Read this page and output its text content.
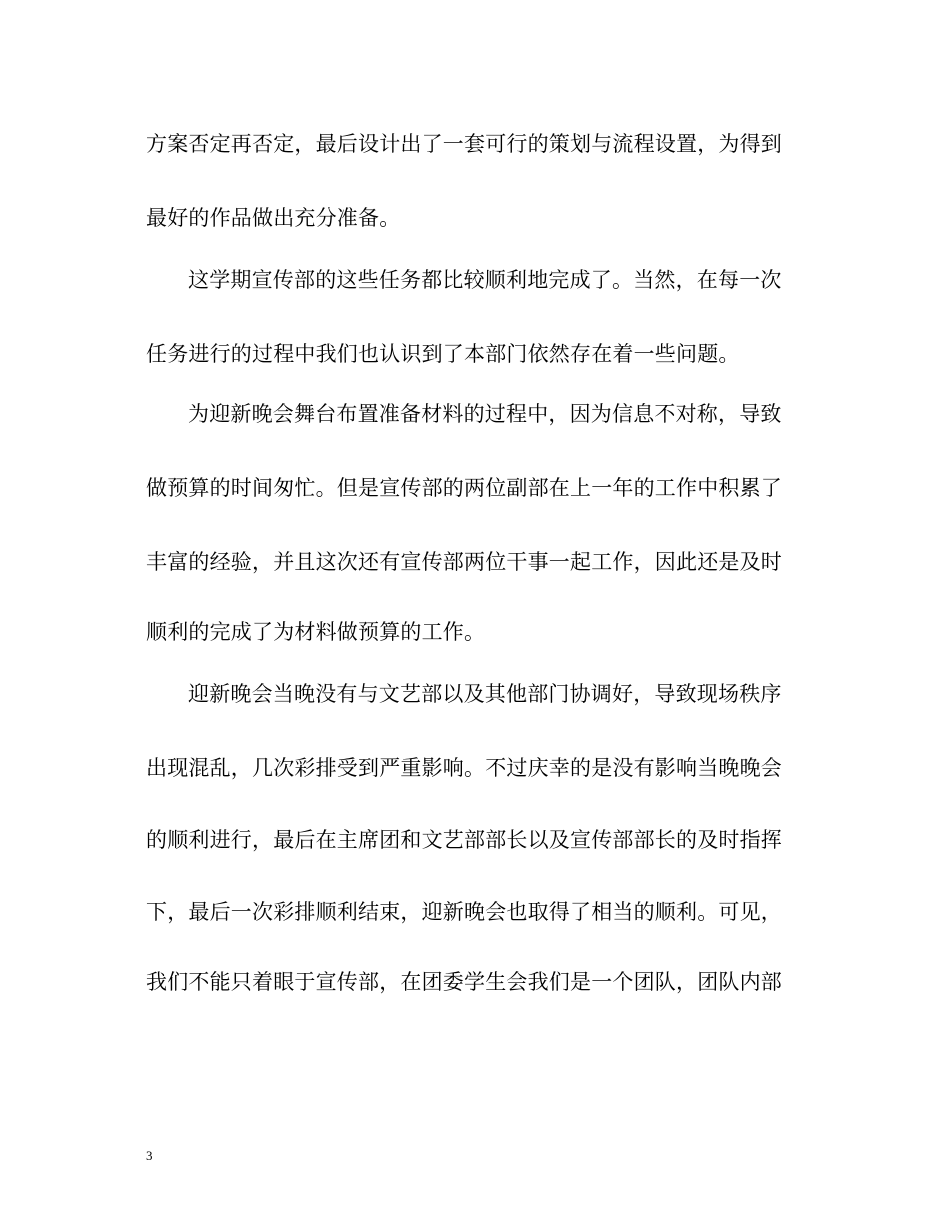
方案否定再否定，最后设计出了一套可行的策划与流程设置，为得到
最好的作品做出充分准备。
这学期宣传部的这些任务都比较顺利地完成了。当然，在每一次
任务进行的过程中我们也认识到了本部门依然存在着一些问题。
为迎新晚会舞台布置准备材料的过程中，因为信息不对称，导致
做预算的时间匆忙。但是宣传部的两位副部在上一年的工作中积累了
丰富的经验，并且这次还有宣传部两位干事一起工作，因此还是及时
顺利的完成了为材料做预算的工作。
迎新晚会当晚没有与文艺部以及其他部门协调好，导致现场秩序
出现混乱，几次彩排受到严重影响。不过庆幸的是没有影响当晚晚会
的顺利进行，最后在主席团和文艺部部长以及宣传部部长的及时指挥
下，最后一次彩排顺利结束，迎新晚会也取得了相当的顺利。可见，
我们不能只着眼于宣传部，在团委学生会我们是一个团队，团队内部
3
